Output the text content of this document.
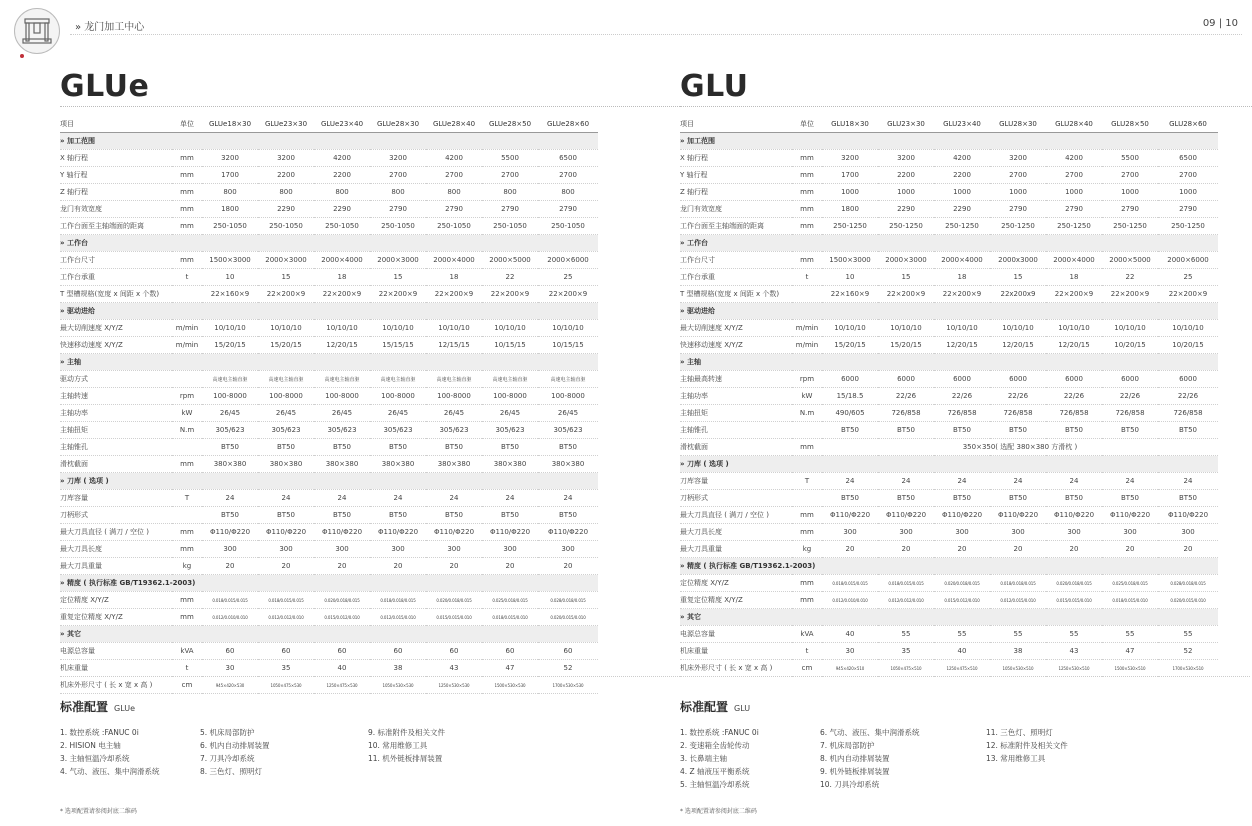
» 龙门加工中心	09 | 10
GLUe
项目	单位	GLUe18×30	GLUe23×30	GLUe23×40	GLUe28×30	GLUe28×40	GLUe28×50	GLUe28×60
» 加工范围								
X 轴行程	mm	3200	3200	4200	3200	4200	5500	6500
Y 轴行程	mm	1700	2200	2200	2700	2700	2700	2700
Z 轴行程	mm	800	800	800	800	800	800	800
龙门有效宽度	mm	1800	2290	2290	2790	2790	2790	2790
工作台面至主轴端面的距离	mm	250-1050	250-1050	250-1050	250-1050	250-1050	250-1050	250-1050
» 工作台								
工作台尺寸	mm	1500×3000	2000×3000	2000×4000	2000×3000	2000×4000	2000×5000	2000×6000
工作台承重	t	10	15	18	15	18	22	25
T 型槽规格(宽度 x 间距 x 个数)		22×160×9	22×200×9	22×200×9	22×200×9	22×200×9	22×200×9	22×200×9
» 驱动进给								
最大切削速度 X/Y/Z	m/min	10/10/10	10/10/10	10/10/10	10/10/10	10/10/10	10/10/10	10/10/10
快速移动速度 X/Y/Z	m/min	15/20/15	15/20/15	12/20/15	15/15/15	12/15/15	10/15/15	10/15/15
» 主轴								
驱动方式		高速电主轴直驱	高速电主轴直驱	高速电主轴直驱	高速电主轴直驱	高速电主轴直驱	高速电主轴直驱	高速电主轴直驱
主轴转速	rpm	100-8000	100-8000	100-8000	100-8000	100-8000	100-8000	100-8000
主轴功率	kW	26/45	26/45	26/45	26/45	26/45	26/45	26/45
主轴扭矩	N.m	305/623	305/623	305/623	305/623	305/623	305/623	305/623
主轴锥孔		BT50	BT50	BT50	BT50	BT50	BT50	BT50
滑枕截面	mm	380×380	380×380	380×380	380×380	380×380	380×380	380×380
» 刀库 ( 选项 )								
刀库容量	T	24	24	24	24	24	24	24
刀柄形式		BT50	BT50	BT50	BT50	BT50	BT50	BT50
最大刀具直径 ( 满刀 / 空位 )	mm	Φ110/Φ220	Φ110/Φ220	Φ110/Φ220	Φ110/Φ220	Φ110/Φ220	Φ110/Φ220	Φ110/Φ220
最大刀具长度	mm	300	300	300	300	300	300	300
最大刀具重量	kg	20	20	20	20	20	20	20
» 精度 ( 执行标准 GB/T19362.1-2003)								
定位精度 X/Y/Z	mm	0.018/0.015/0.015	0.018/0.015/0.015	0.020/0.018/0.015	0.018/0.018/0.015	0.020/0.018/0.015	0.025/0.018/0.015	0.028/0.018/0.015
重复定位精度 X/Y/Z	mm	0.012/0.010/0.010	0.012/0.012/0.010	0.015/0.012/0.010	0.012/0.015/0.010	0.015/0.015/0.010	0.018/0.015/0.010	0.020/0.015/0.010
» 其它								
电源总容量	kVA	60	60	60	60	60	60	60
机床重量	t	30	35	40	38	43	47	52
机床外形尺寸 ( 长 x 宽 x 高 )	cm	945×420×530	1050×475×530	1250×475×530	1050×530×530	1250×530×530	1500×530×530	1700×530×530
GLU
项目	单位	GLU18×30	GLU23×30	GLU23×40	GLU28×30	GLU28×40	GLU28×50	GLU28×60
» 加工范围								
X 轴行程	mm	3200	3200	4200	3200	4200	5500	6500
Y 轴行程	mm	1700	2200	2200	2700	2700	2700	2700
Z 轴行程	mm	1000	1000	1000	1000	1000	1000	1000
龙门有效宽度	mm	1800	2290	2290	2790	2790	2790	2790
工作台面至主轴端面的距离	mm	250-1250	250-1250	250-1250	250-1250	250-1250	250-1250	250-1250
» 工作台								
工作台尺寸	mm	1500×3000	2000×3000	2000×4000	2000x3000	2000×4000	2000×5000	2000×6000
工作台承重	t	10	15	18	15	18	22	25
T 型槽规格(宽度 x 间距 x 个数)		22×160×9	22×200×9	22×200×9	22x200x9	22×200×9	22×200×9	22×200×9
» 驱动进给								
最大切削速度 X/Y/Z	m/min	10/10/10	10/10/10	10/10/10	10/10/10	10/10/10	10/10/10	10/10/10
快速移动速度 X/Y/Z	m/min	15/20/15	15/20/15	12/20/15	12/20/15	12/20/15	10/20/15	10/20/15
» 主轴								
主轴最高转速	rpm	6000	6000	6000	6000	6000	6000	6000
主轴功率	kW	15/18.5	22/26	22/26	22/26	22/26	22/26	22/26
主轴扭矩	N.m	490/605	726/858	726/858	726/858	726/858	726/858	726/858
主轴锥孔		BT50	BT50	BT50	BT50	BT50	BT50	BT50
滑枕截面	mm	350×350( 选配 380×380 方滑枕 )						
» 刀库 ( 选项 )								
刀库容量	T	24	24	24	24	24	24	24
刀柄形式		BT50	BT50	BT50	BT50	BT50	BT50	BT50
最大刀具直径 ( 满刀 / 空位 )	mm	Φ110/Φ220	Φ110/Φ220	Φ110/Φ220	Φ110/Φ220	Φ110/Φ220	Φ110/Φ220	Φ110/Φ220
最大刀具长度	mm	300	300	300	300	300	300	300
最大刀具重量	kg	20	20	20	20	20	20	20
» 精度 ( 执行标准 GB/T19362.1-2003)								
定位精度 X/Y/Z	mm	0.018/0.015/0.015	0.018/0.015/0.015	0.020/0.018/0.015	0.018/0.018/0.015	0.020/0.018/0.015	0.025/0.018/0.015	0.028/0.018/0.015
重复定位精度 X/Y/Z	mm	0.012/0.010/0.010	0.012/0.012/0.010	0.015/0.012/0.010	0.012/0.015/0.010	0.015/0.015/0.010	0.018/0.015/0.010	0.020/0.015/0.010
» 其它								
电源总容量	kVA	40	55	55	55	55	55	55
机床重量	t	30	35	40	38	43	47	52
机床外形尺寸 ( 长 x 宽 x 高 )	cm	945×420×510	1050×475×510	1250×475×510	1050×530×510	1250×530×510	1500×530×510	1700×530×510
标准配置 GLUe
1. 数控系统 :FANUC 0i
2. HISION 电主轴
3. 主轴恒温冷却系统
4. 气动、液压、集中润滑系统
5. 机床局部防护
6. 机内自动排屑装置
7. 刀具冷却系统
8. 三色灯、照明灯
9. 标准附件及相关文件
10. 常用维修工具
11. 机外链板排屑装置
* 选项配置请参阅封底二维码
标准配置 GLU
1. 数控系统 :FANUC 0i
2. 变速箱全齿轮传动
3. 长鼻端主轴
4. Z 轴液压平衡系统
5. 主轴恒温冷却系统
6. 气动、液压、集中润滑系统
7. 机床局部防护
8. 机内自动排屑装置
9. 机外链板排屑装置
10. 刀具冷却系统
11. 三色灯、照明灯
12. 标准附件及相关文件
13. 常用维修工具
* 选项配置请参阅封底二维码
